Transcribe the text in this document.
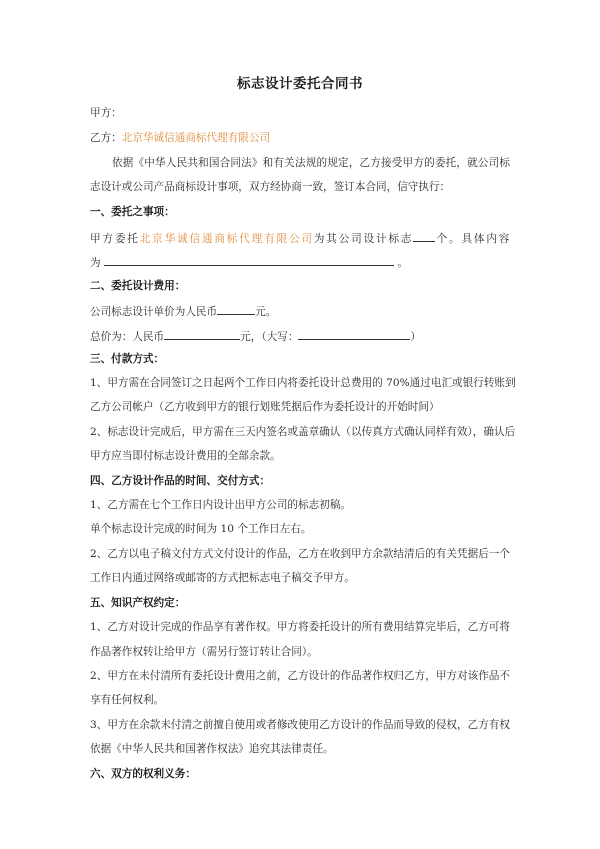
标志设计委托合同书
甲方：
乙方：北京华诚信通商标代理有限公司
依据《中华人民共和国合同法》和有关法规的规定，乙方接受甲方的委托，就公司标
志设计或公司产品商标设计事项，双方经协商一致，签订本合同，信守执行：
一、委托之事项：
甲方委托北京华诚信通商标代理有限公司为其公司设计标志 个。具体内容
为	。
二、委托设计费用：
公司标志设计单价为人民币	元。
总价为：人民币	元，（大写：	）
三、付款方式：
1、甲方需在合同签订之日起两个工作日内将委托设计总费用的 70%通过电汇或银行转账到
乙方公司帐户（乙方收到甲方的银行划账凭据后作为委托设计的开始时间）
2、标志设计完成后，甲方需在三天内签名或盖章确认（以传真方式确认同样有效），确认后
甲方应当即付标志设计费用的全部余款。
四、乙方设计作品的时间、交付方式：
1、乙方需在七个工作日内设计出甲方公司的标志初稿。
单个标志设计完成的时间为 10 个工作日左右。
2、乙方以电子稿文付方式文付设计的作品，乙方在收到甲方余款结清后的有关凭据后一个
工作日内通过网络或邮寄的方式把标志电子稿交予甲方。
五、知识产权约定：
1、乙方对设计完成的作品享有著作权。甲方将委托设计的所有费用结算完毕后，乙方可将
作品著作权转让给甲方（需另行签订转让合同）。
2、甲方在未付清所有委托设计费用之前，乙方设计的作品著作权归乙方，甲方对该作品不
享有任何权利。
3、甲方在余款未付清之前擅自使用或者修改使用乙方设计的作品而导致的侵权，乙方有权
依据《中华人民共和国著作权法》追究其法律责任。
六、双方的权利义务：
